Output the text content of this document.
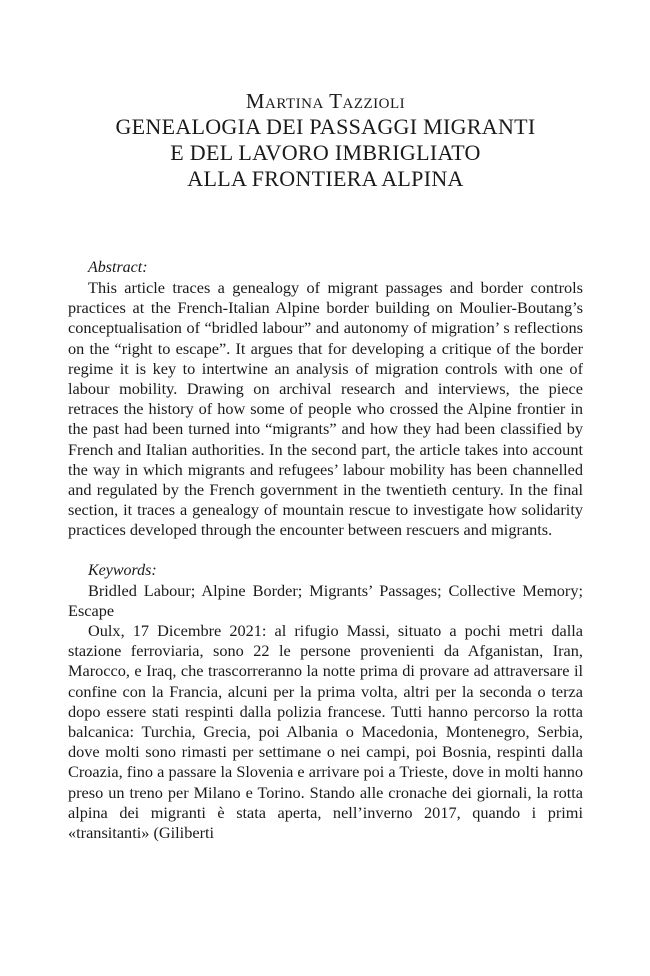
Martina Tazzioli
GENEALOGIA DEI PASSAGGI MIGRANTI
E DEL LAVORO IMBRIGLIATO
ALLA FRONTIERA ALPINA
Abstract:

This article traces a genealogy of migrant passages and border controls practices at the French-Italian Alpine border building on Moulier-Boutang’s conceptualisation of “bridled labour” and autonomy of migration’ s reflections on the “right to escape”. It argues that for developing a critique of the border regime it is key to intertwine an analysis of migration controls with one of labour mobility. Drawing on archival research and interviews, the piece retraces the history of how some of people who crossed the Alpine frontier in the past had been turned into “migrants” and how they had been classified by French and Italian authorities. In the second part, the article takes into account the way in which migrants and refugees’ labour mobility has been channelled and regulated by the French government in the twentieth century. In the final section, it traces a genealogy of mountain rescue to investigate how solidarity practices developed through the encounter between rescuers and migrants.

Keywords:

Bridled Labour; Alpine Border; Migrants’ Passages; Collective Memory; Escape

Oulx, 17 Dicembre 2021: al rifugio Massi, situato a pochi metri dalla stazione ferroviaria, sono 22 le persone provenienti da Afganistan, Iran, Marocco, e Iraq, che trascorreranno la notte prima di provare ad attraversare il confine con la Francia, alcuni per la prima volta, altri per la seconda o terza dopo essere stati respinti dalla polizia francese. Tutti hanno percorso la rotta balcanica: Turchia, Grecia, poi Albania o Macedonia, Montenegro, Serbia, dove molti sono rimasti per settimane o nei campi, poi Bosnia, respinti dalla Croazia, fino a passare la Slovenia e arrivare poi a Trieste, dove in molti hanno preso un treno per Milano e Torino. Stando alle cronache dei giornali, la rotta alpina dei migranti è stata aperta, nell’inverno 2017, quando i primi «transitanti» (Giliberti
